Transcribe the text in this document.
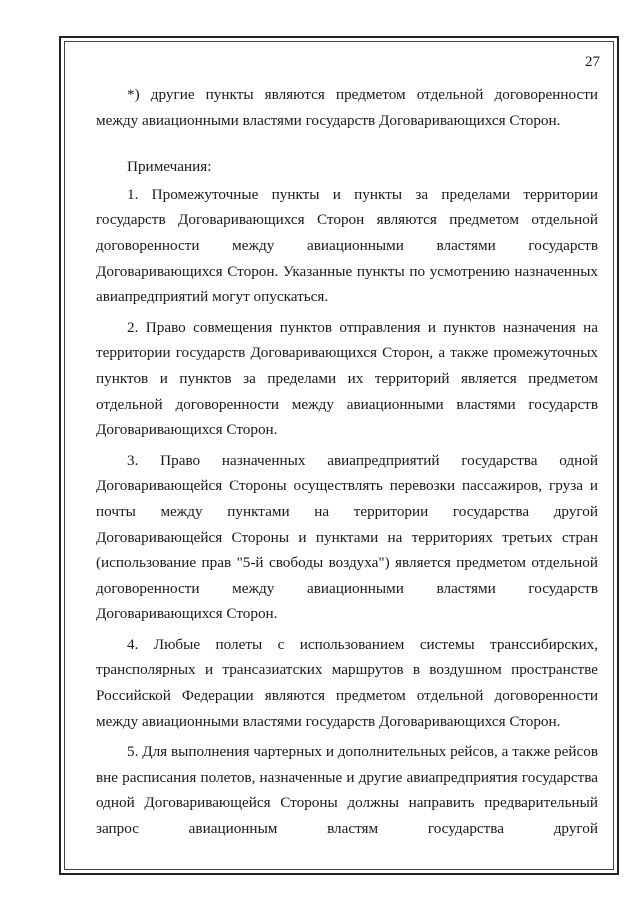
27

*) другие пункты являются предметом отдельной договоренности между авиационными властями государств Договаривающихся Сторон.

Примечания:

1. Промежуточные пункты и пункты за пределами территории государств Договаривающихся Сторон являются предметом отдельной договоренности между авиационными властями государств Договаривающихся Сторон. Указанные пункты по усмотрению назначенных авиапредприятий могут опускаться.

2. Право совмещения пунктов отправления и пунктов назначения на территории государств Договаривающихся Сторон, а также промежуточных пунктов и пунктов за пределами их территорий является предметом отдельной договоренности между авиационными властями государств Договаривающихся Сторон.

3. Право назначенных авиапредприятий государства одной Договаривающейся Стороны осуществлять перевозки пассажиров, груза и почты между пунктами на территории государства другой Договаривающейся Стороны и пунктами на территориях третьих стран (использование прав "5-й свободы воздуха") является предметом отдельной договоренности между авиационными властями государств Договаривающихся Сторон.

4. Любые полеты с использованием системы транссибирских, трансполярных и трансазиатских маршрутов в воздушном пространстве Российской Федерации являются предметом отдельной договоренности между авиационными властями государств Договаривающихся Сторон.

5. Для выполнения чартерных и дополнительных рейсов, а также рейсов вне расписания полетов, назначенные и другие авиапредприятия государства одной Договаривающейся Стороны должны направить предварительный запрос авиационным властям государства другой
